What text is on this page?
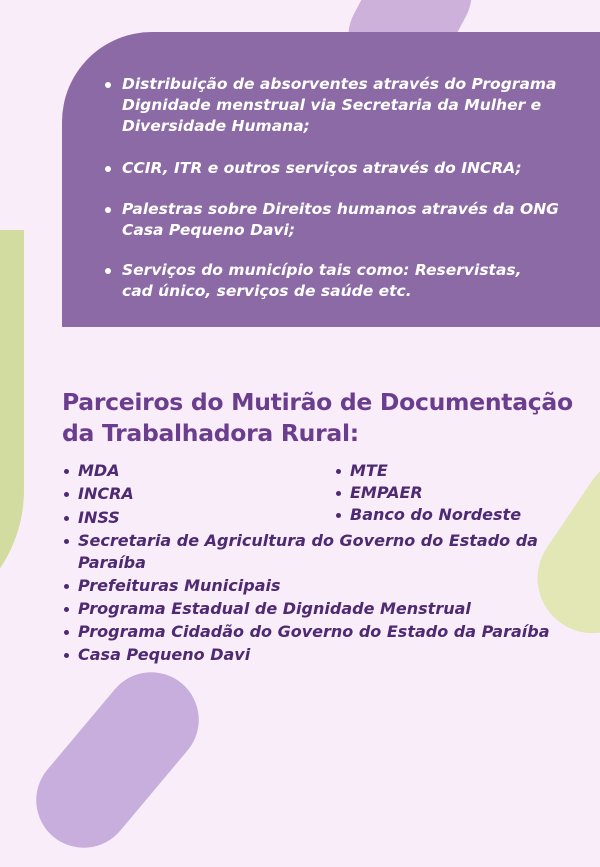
Distribuição de absorventes através do Programa Dignidade menstrual via Secretaria da Mulher e Diversidade Humana;
CCIR, ITR e outros serviços através do INCRA;
Palestras sobre Direitos humanos através da ONG Casa Pequeno Davi;
Serviços do município tais como: Reservistas, cad único, serviços de saúde etc.
Parceiros do Mutirão de Documentação da Trabalhadora Rural:
MDA
INCRA
INSS
MTE
EMPAER
Banco do Nordeste
Secretaria de Agricultura do Governo do Estado da Paraíba
Prefeituras Municipais
Programa Estadual de Dignidade Menstrual
Programa Cidadão do Governo do Estado da Paraíba
Casa Pequeno Davi
